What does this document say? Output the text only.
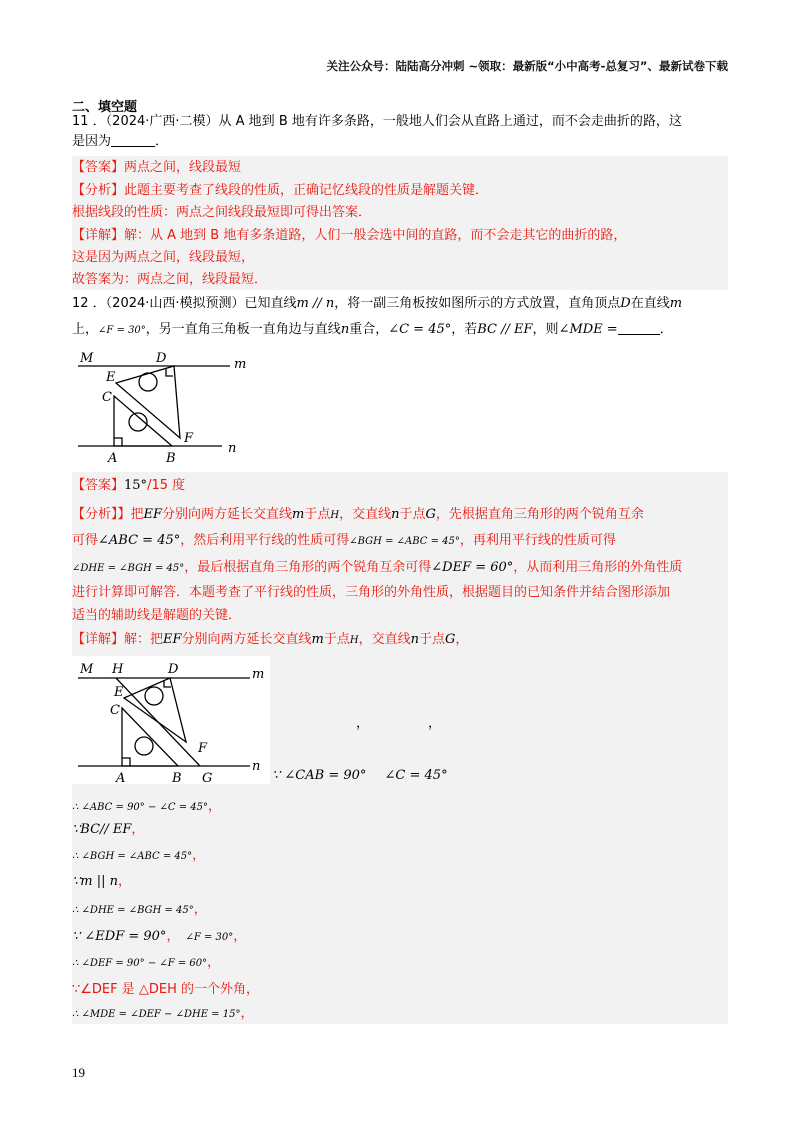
关注公众号：陆陆高分冲刺 ~领取：最新版“小中高考-总复习”、最新试卷下载
二、填空题
11 ．（2024·广西·二模）从 A 地到 B 地有许多条路，一般地人们会从直路上通过，而不会走曲折的路，这
是因为	．
【答案】两点之间，线段最短
【分析】此题主要考查了线段的性质，正确记忆线段的性质是解题关键．
根据线段的性质：两点之间线段最短即可得出答案．
【详解】解：从 A 地到 B 地有多条道路，人们一般会选中间的直路，而不会走其它的曲折的路，
这是因为两点之间，线段最短，
故答案为：两点之间，线段最短．
12 ．（2024·山西·模拟预测）已知直线m // n，将一副三角板按如图所示的方式放置，直角顶点D在直线m
上，∠F = 30°，另一直角三角板一直角边与直线n重合，∠C = 45°，若BC // EF，则∠MDE =	．
M	D	m
E
C
F
A	B
n
【答案】15°/15 度
【分析】】把EF分别向两方延长交直线m于点H，交直线n于点G，先根据直角三角形的两个锐角互余
可得∠ABC = 45°，然后利用平行线的性质可得∠BGH = ∠ABC = 45°，再利用平行线的性质可得
∠DHE = ∠BGH = 45°，最后根据直角三角形的两个锐角互余可得∠DEF = 60°，从而利用三角形的外角性质
进行计算即可解答．本题考查了平行线的性质，三角形的外角性质，根据题目的已知条件并结合图形添加
适当的辅助线是解题的关键．
【详解】解：把EF分别向两方延长交直线m于点H，交直线n于点G，
M H	D	m
E
C
F
A	B G
n
，	，
∵ ∠CAB = 90° ∠C = 45°
∴ ∠ABC = 90° − ∠C = 45°，
∵BC// EF，
∴ ∠BGH = ∠ABC = 45°，
∵m || n，
∴ ∠DHE = ∠BGH = 45°，
∵ ∠EDF = 90°， ∠F = 30°，
∴ ∠DEF = 90° − ∠F = 60°，
∵∠DEF 是 △DEH 的一个外角，
∴ ∠MDE = ∠DEF − ∠DHE = 15°，
19
